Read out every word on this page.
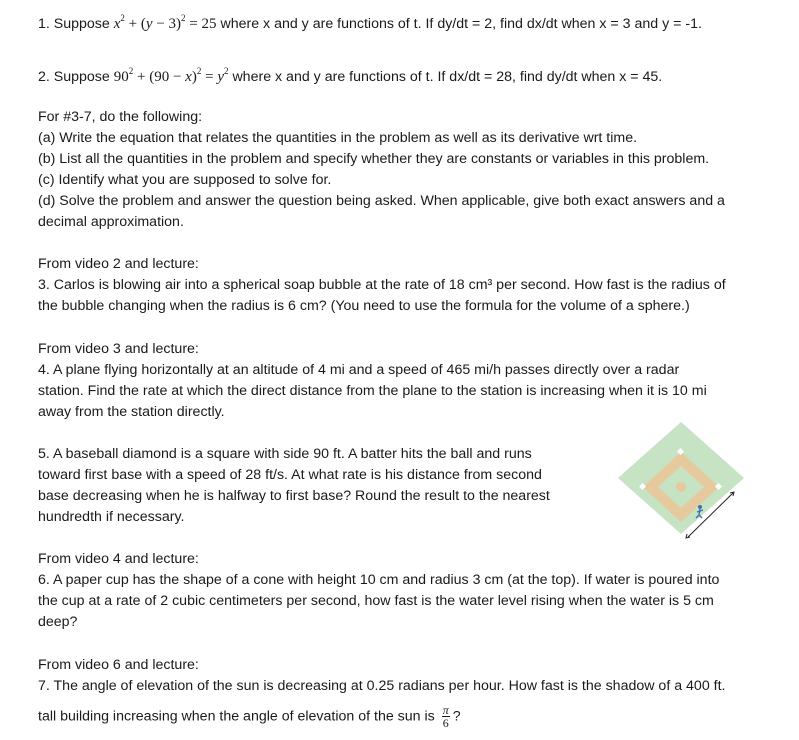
1. Suppose $x^2 + (y - 3)^2 = 25$ where x and y are functions of t. If dy/dt = 2, find dx/dt when x = 3 and y = -1.
2. Suppose $90^2 + (90 - x)^2 = y^2$ where x and y are functions of t. If dx/dt = 28, find dy/dt when x = 45.
For #3-7, do the following:
(a) Write the equation that relates the quantities in the problem as well as its derivative wrt time.
(b) List all the quantities in the problem and specify whether they are constants or variables in this problem.
(c) Identify what you are supposed to solve for.
(d) Solve the problem and answer the question being asked. When applicable, give both exact answers and a
decimal approximation.
From video 2 and lecture:
3. Carlos is blowing air into a spherical soap bubble at the rate of 18 cm³ per second. How fast is the radius of
the bubble changing when the radius is 6 cm? (You need to use the formula for the volume of a sphere.)
From video 3 and lecture:
4. A plane flying horizontally at an altitude of 4 mi and a speed of 465 mi/h passes directly over a radar
station. Find the rate at which the direct distance from the plane to the station is increasing when it is 10 mi
away from the station directly.
5. A baseball diamond is a square with side 90 ft. A batter hits the ball and runs
toward first base with a speed of 28 ft/s. At what rate is his distance from second
base decreasing when he is halfway to first base? Round the result to the nearest
hundredth if necessary.
From video 4 and lecture:
6. A paper cup has the shape of a cone with height 10 cm and radius 3 cm (at the top). If water is poured into
the cup at a rate of 2 cubic centimeters per second, how fast is the water level rising when the water is 5 cm
deep?
From video 6 and lecture:
7. The angle of elevation of the sun is decreasing at 0.25 radians per hour. How fast is the shadow of a 400 ft.
tall building increasing when the angle of elevation of the sun is $\frac{\pi}{6}$ ?
